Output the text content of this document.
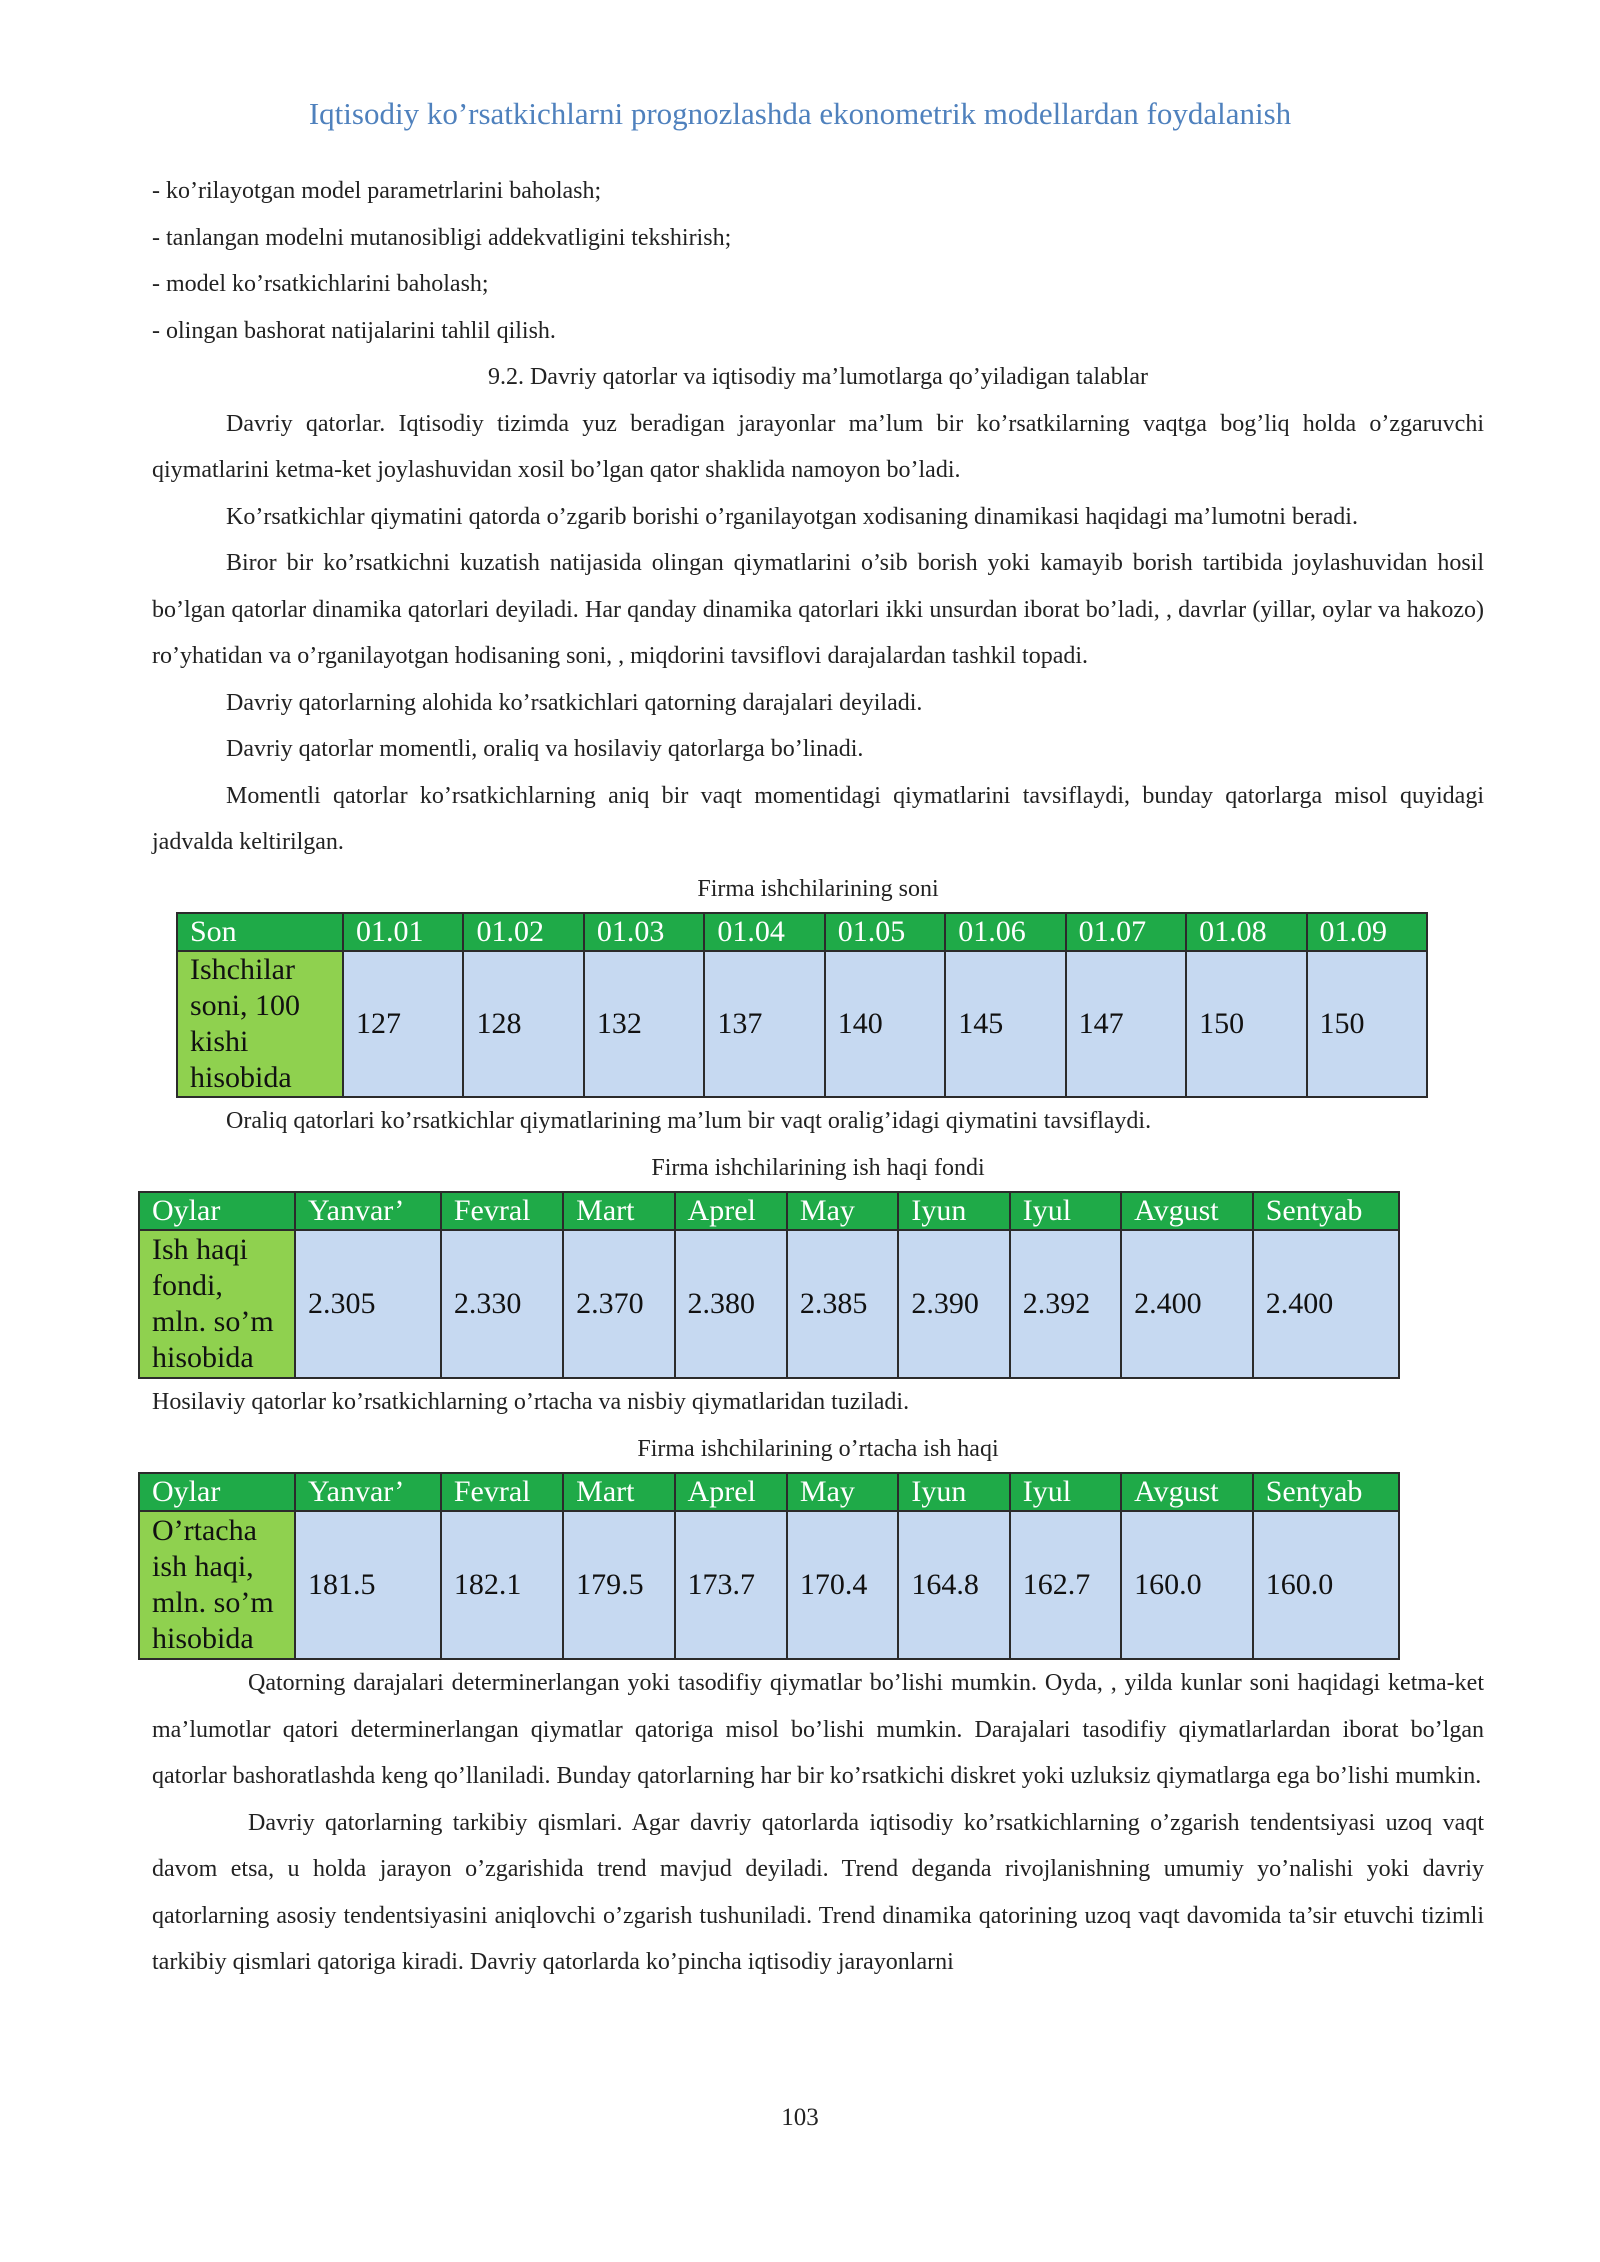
Iqtisodiy ko’rsatkichlarni prognozlashda ekonometrik modellardan foydalanish

- ko’rilayotgan model parametrlarini baholash;

- tanlangan modelni mutanosibligi addekvatligini tekshirish;

- model ko’rsatkichlarini baholash;

- olingan bashorat natijalarini tahlil qilish.

9.2. Davriy qatorlar va iqtisodiy ma’lumotlarga qo’yiladigan talablar

Davriy qatorlar. Iqtisodiy tizimda yuz beradigan jarayonlar ma’lum bir ko’rsatkilarning vaqtga bog’liq holda o’zgaruvchi qiymatlarini ketma-ket joylashuvidan xosil bo’lgan qator shaklida namoyon bo’ladi.

Ko’rsatkichlar qiymatini qatorda o’zgarib borishi o’rganilayotgan xodisaning dinamikasi haqidagi ma’lumotni beradi.

Biror bir ko’rsatkichni kuzatish natijasida olingan qiymatlarini o’sib borish yoki kamayib borish tartibida joylashuvidan hosil bo’lgan qatorlar dinamika qatorlari deyiladi. Har qanday dinamika qatorlari ikki unsurdan iborat bo’ladi, , davrlar (yillar, oylar va hakozo) ro’yhatidan va o’rganilayotgan hodisaning soni, , miqdorini tavsiflovi darajalardan tashkil topadi.

Davriy qatorlarning alohida ko’rsatkichlari qatorning darajalari deyiladi.

Davriy qatorlar momentli, oraliq va hosilaviy qatorlarga bo’linadi.

Momentli qatorlar ko’rsatkichlarning aniq bir vaqt momentidagi qiymatlarini tavsiflaydi, bunday qatorlarga misol quyidagi jadvalda keltirilgan.

Firma ishchilarining soni

Son	01.01	01.02	01.03	01.04	01.05	01.06	01.07	01.08	01.09
Ishchilar soni, 100 kishi hisobida	127	128	132	137	140	145	147	150	150

Oraliq qatorlari ko’rsatkichlar qiymatlarining ma’lum bir vaqt oralig’idagi qiymatini tavsiflaydi.

Firma ishchilarining ish haqi fondi

Oylar	Yanvar’	Fevral	Mart	Aprel	May	Iyun	Iyul	Avgust	Sentyab
Ish haqi fondi, mln. so’m hisobida	2.305	2.330	2.370	2.380	2.385	2.390	2.392	2.400	2.400

Hosilaviy qatorlar ko’rsatkichlarning o’rtacha va nisbiy qiymatlaridan tuziladi.

Firma ishchilarining o’rtacha ish haqi

Oylar	Yanvar’	Fevral	Mart	Aprel	May	Iyun	Iyul	Avgust	Sentyab
O’rtacha ish haqi, mln. so’m hisobida	181.5	182.1	179.5	173.7	170.4	164.8	162.7	160.0	160.0

Qatorning darajalari determinerlangan yoki tasodifiy qiymatlar bo’lishi mumkin. Oyda, , yilda kunlar soni haqidagi ketma-ket ma’lumotlar qatori determinerlangan qiymatlar qatoriga misol bo’lishi mumkin. Darajalari tasodifiy qiymatlarlardan iborat bo’lgan qatorlar bashoratlashda keng qo’llaniladi. Bunday qatorlarning har bir ko’rsatkichi diskret yoki uzluksiz qiymatlarga ega bo’lishi mumkin.

Davriy qatorlarning tarkibiy qismlari. Agar davriy qatorlarda iqtisodiy ko’rsatkichlarning o’zgarish tendentsiyasi uzoq vaqt davom etsa, u holda jarayon o’zgarishida trend mavjud deyiladi. Trend deganda rivojlanishning umumiy yo’nalishi yoki davriy qatorlarning asosiy tendentsiyasini aniqlovchi o’zgarish tushuniladi. Trend dinamika qatorining uzoq vaqt davomida ta’sir etuvchi tizimli tarkibiy qismlari qatoriga kiradi. Davriy qatorlarda ko’pincha iqtisodiy jarayonlarni

103
